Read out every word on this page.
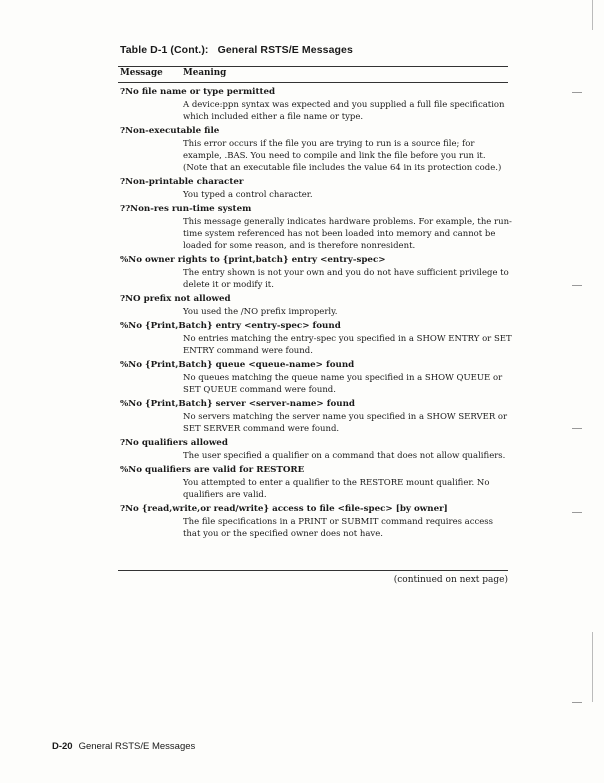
Table D-1 (Cont.):   General RSTS/E Messages
Message Meaning
?No file name or type permitted
A device:ppn syntax was expected and you supplied a full file specification which included either a file name or type.
?Non-executable file
This error occurs if the file you are trying to run is a source file; for example, .BAS. You need to compile and link the file before you run it. (Note that an executable file includes the value 64 in its protection code.)
?Non-printable character
You typed a control character.
??Non-res run-time system
This message generally indicates hardware problems. For example, the run-time system referenced has not been loaded into memory and cannot be loaded for some reason, and is therefore nonresident.
%No owner rights to {print,batch} entry <entry-spec>
The entry shown is not your own and you do not have sufficient privilege to delete it or modify it.
?NO prefix not allowed
You used the /NO prefix improperly.
%No {Print,Batch} entry <entry-spec> found
No entries matching the entry-spec you specified in a SHOW ENTRY or SET ENTRY command were found.
%No {Print,Batch} queue <queue-name> found
No queues matching the queue name you specified in a SHOW QUEUE or SET QUEUE command were found.
%No {Print,Batch} server <server-name> found
No servers matching the server name you specified in a SHOW SERVER or SET SERVER command were found.
?No qualifiers allowed
The user specified a qualifier on a command that does not allow qualifiers.
%No qualifiers are valid for RESTORE
You attempted to enter a qualifier to the RESTORE mount qualifier. No qualifiers are valid.
?No {read,write,or read/write} access to file <file-spec> [by owner]
The file specifications in a PRINT or SUBMIT command requires access that you or the specified owner does not have.
(continued on next page)
D-20 General RSTS/E Messages
